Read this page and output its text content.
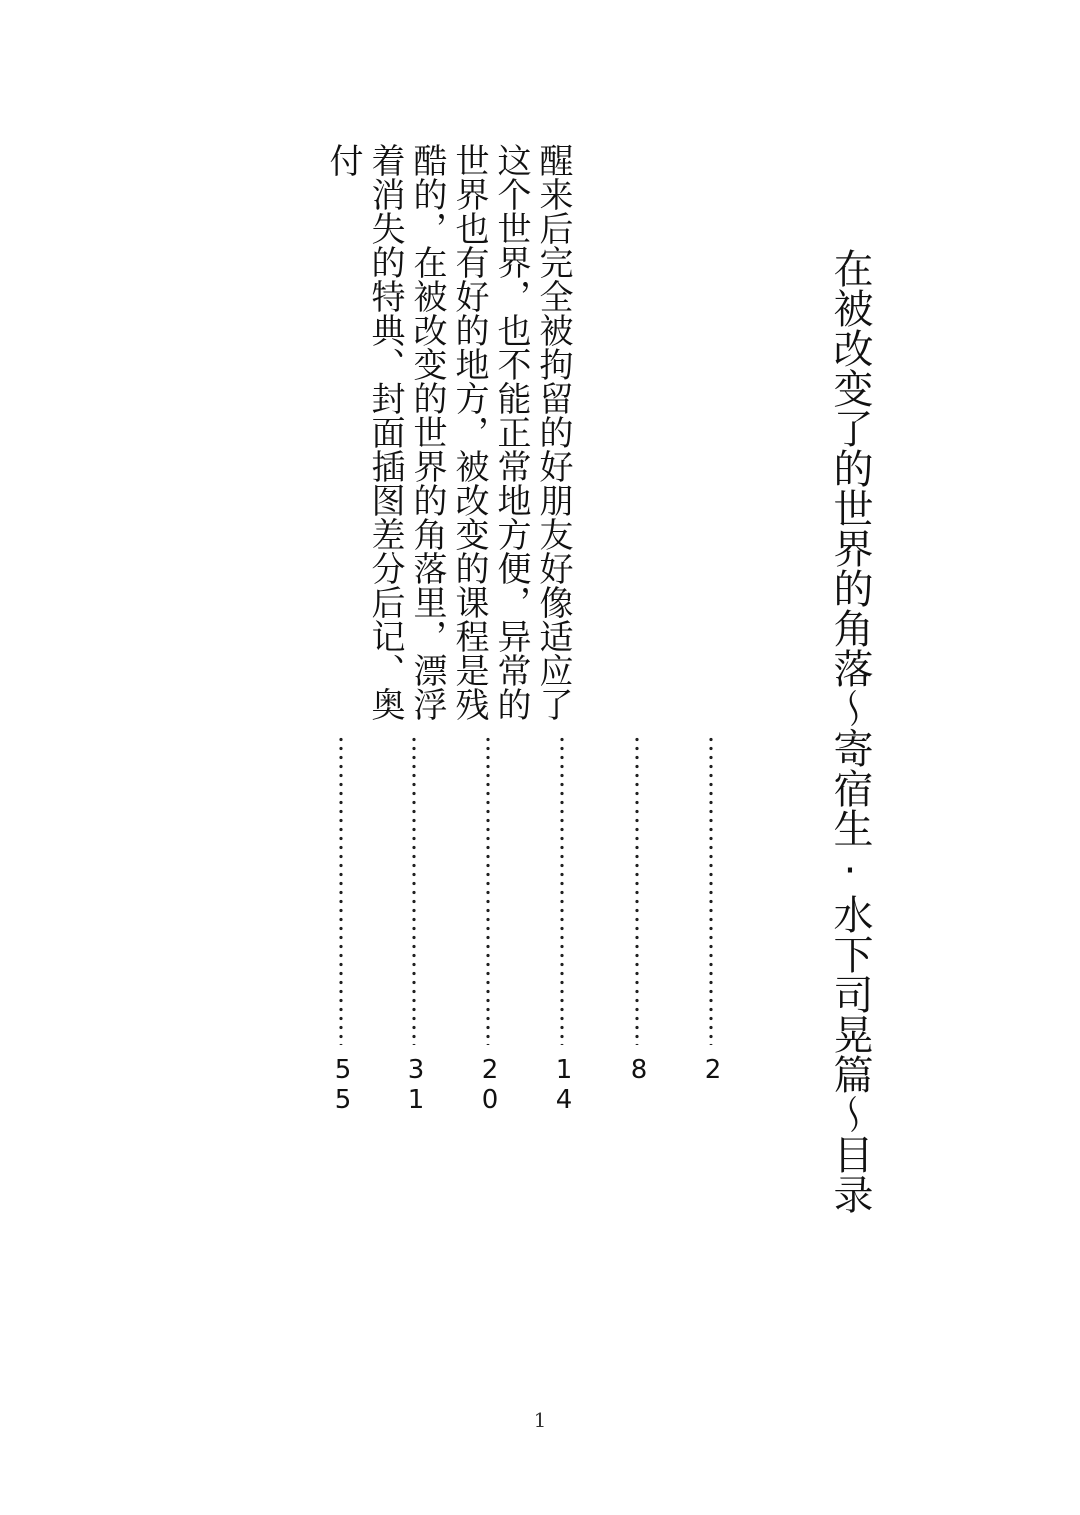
在被改变了的世界的角落～寄宿生·水下司晃篇～目录
2
8
醒来后完全被拘留的好朋友好像适应了
这个世界，也不能正常地方便，异常的
14
世界也有好的地方，被改变的课程是残
20
酷的，在被改变的世界的角落里，漂浮
31
着消失的特典、封面插图差分后记、奥
付
55
1
